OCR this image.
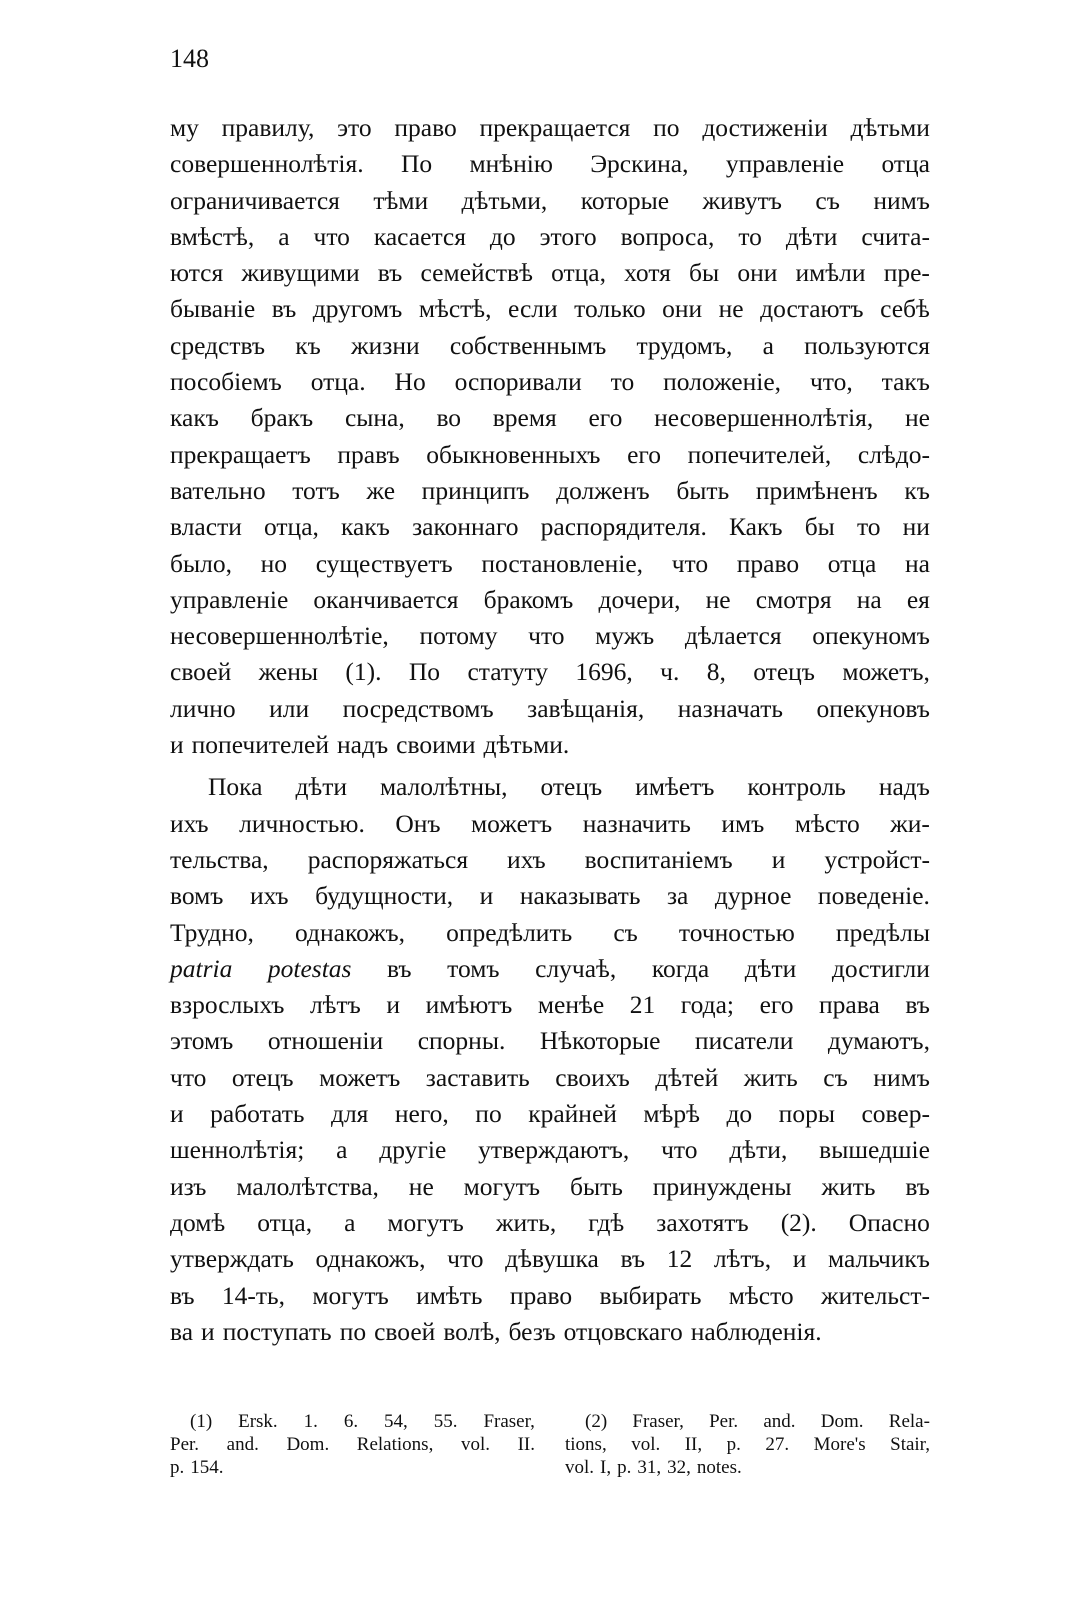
148
му правилу, это право прекращается по достиженіи дѣтьми
совершеннолѣтія. По мнѣнію Эрскина, управленіе отца
ограничивается тѣми дѣтьми, которые живутъ съ нимъ
вмѣстѣ, а что касается до этого вопроса, то дѣти счита-
ются живущими въ семействѣ отца, хотя бы они имѣли пре-
быванiе въ другомъ мѣстѣ, если только они не достаютъ себѣ
средствъ къ жизни собственнымъ трудомъ, а пользуются
пособіемъ отца. Но оспоривали то положеніе, что, такъ
какъ бракъ сына, во время его несовершеннолѣтія, не
прекращаетъ правъ обыкновенныхъ его попечителей, слѣдо-
вательно тотъ же принципъ долженъ быть примѣненъ къ
власти отца, какъ законнаго распорядителя. Какъ бы то ни
было, но существуетъ постановленіе, что право отца на
управленіе оканчивается бракомъ дочери, не смотря на ея
несовершеннолѣтіе, потому что мужъ дѣлается опекуномъ
своей жены (1). По статуту 1696, ч. 8, отецъ можетъ,
лично или посредствомъ завѣщанія, назначать опекуновъ
и попечителей надъ своими дѣтьми.
Пока дѣти малолѣтны, отецъ имѣетъ контроль надъ
ихъ личностью. Онъ можетъ назначить имъ мѣсто жи-
тельства, распоряжаться ихъ воспитаніемъ и устройст-
вомъ ихъ будущности, и наказывать за дурное поведеніе.
Трудно, однакожъ, опредѣлить съ точностью предѣлы
patria potestas въ томъ случаѣ, когда дѣти достигли
взрослыхъ лѣтъ и имѣютъ менѣе 21 года; его права въ
этомъ отношеніи спорны. Нѣкоторые писатели думаютъ,
что отецъ можетъ заставить своихъ дѣтей жить съ нимъ
и работать для него, по крайней мѣрѣ до поры совер-
шеннолѣтія; а другіе утверждаютъ, что дѣти, вышедшіе
изъ малолѣтства, не могутъ быть принуждены жить въ
домѣ отца, а могутъ жить, гдѣ захотятъ (2). Опасно
утверждать однакожъ, что дѣвушка въ 12 лѣтъ, и мальчикъ
въ 14-ть, могутъ имѣть право выбирать мѣсто жительст-
ва и поступать по своей волѣ, безъ отцовскаго наблюденія.
(1) Ersk. 1. 6. 54, 55. Fraser,
Per. and. Dom. Relations, vol. II.
p. 154.
(2) Fraser, Per. and. Dom. Rela-
tions, vol. II, p. 27. More's Stair,
vol. I, p. 31, 32, notes.
